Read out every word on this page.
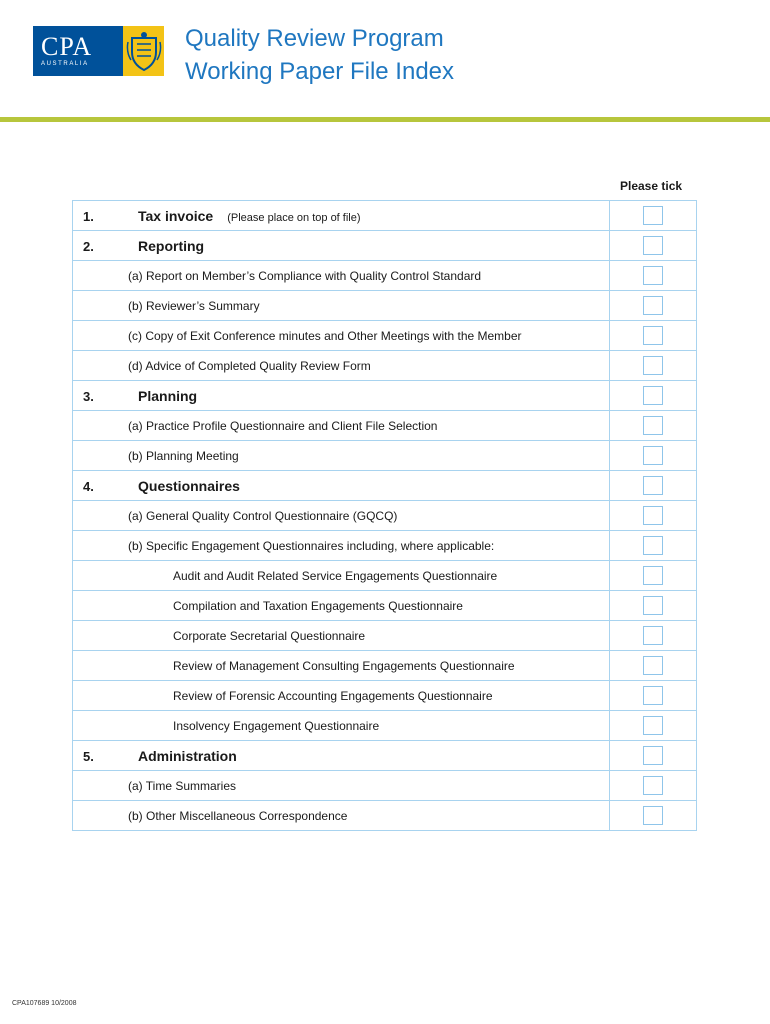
CPA
AUSTRALIA
Quality Review Program
Working Paper File Index
Please tick
1.	Tax invoice (Please place on top of file)
2.	Reporting
(a) Report on Member’s Compliance with Quality Control Standard
(b) Reviewer’s Summary
(c) Copy of Exit Conference minutes and Other Meetings with the Member
(d) Advice of Completed Quality Review Form
3.	Planning
(a) Practice Profile Questionnaire and Client File Selection
(b) Planning Meeting
4.	Questionnaires
(a) General Quality Control Questionnaire (GQCQ)
(b) Specific Engagement Questionnaires including, where applicable:
Audit and Audit Related Service Engagements Questionnaire
Compilation and Taxation Engagements Questionnaire
Corporate Secretarial Questionnaire
Review of Management Consulting Engagements Questionnaire
Review of Forensic Accounting Engagements Questionnaire
Insolvency Engagement Questionnaire
5.	Administration
(a) Time Summaries
(b) Other Miscellaneous Correspondence
CPA107689 10/2008
